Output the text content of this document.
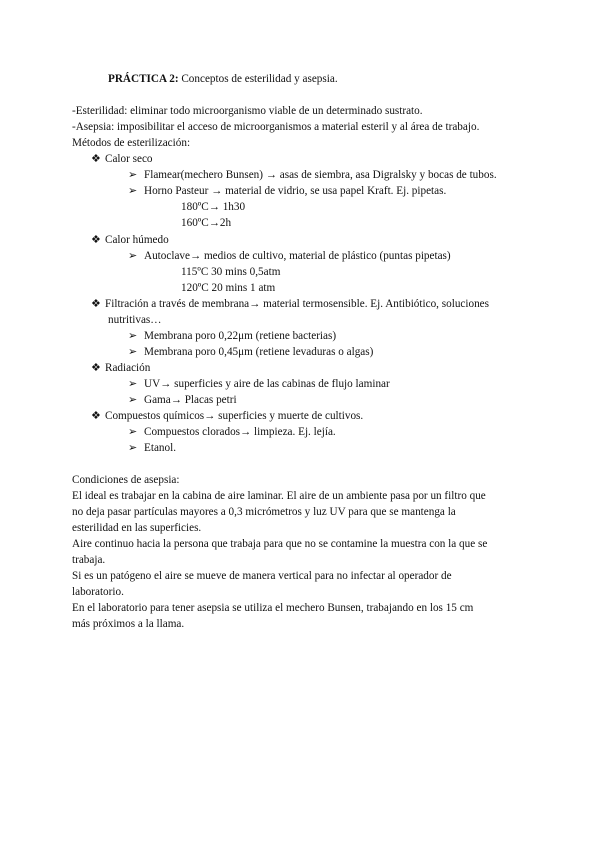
PRÁCTICA 2: Conceptos de esterilidad y asepsia.
-Esterilidad: eliminar todo microorganismo viable de un determinado sustrato.
-Asepsia: imposibilitar el acceso de microorganismos a material esteril y al área de trabajo.
Métodos de esterilización:
❖ Calor seco
➢ Flamear(mechero Bunsen) → asas de siembra, asa Digralsky y bocas de tubos.
➢ Horno Pasteur → material de vidrio, se usa papel Kraft. Ej. pipetas.
180ºC→ 1h30
160ºC→2h
❖ Calor húmedo
➢ Autoclave→ medios de cultivo, material de plástico (puntas pipetas)
115ºC 30 mins 0,5atm
120ºC 20 mins 1 atm
❖ Filtración a través de membrana→ material termosensible. Ej. Antibiótico, soluciones
nutritivas…
➢ Membrana poro 0,22μm (retiene bacterias)
➢ Membrana poro 0,45μm (retiene levaduras o algas)
❖ Radiación
➢ UV→ superficies y aire de las cabinas de flujo laminar
➢ Gama→ Placas petri
❖ Compuestos químicos→ superficies y muerte de cultivos.
➢ Compuestos clorados→ limpieza. Ej. lejía.
➢ Etanol.
Condiciones de asepsia:
El ideal es trabajar en la cabina de aire laminar. El aire de un ambiente pasa por un filtro que
no deja pasar partículas mayores a 0,3 micrómetros y luz UV para que se mantenga la
esterilidad en las superficies.
Aire continuo hacia la persona que trabaja para que no se contamine la muestra con la que se
trabaja.
Si es un patógeno el aire se mueve de manera vertical para no infectar al operador de
laboratorio.
En el laboratorio para tener asepsia se utiliza el mechero Bunsen, trabajando en los 15 cm
más próximos a la llama.
